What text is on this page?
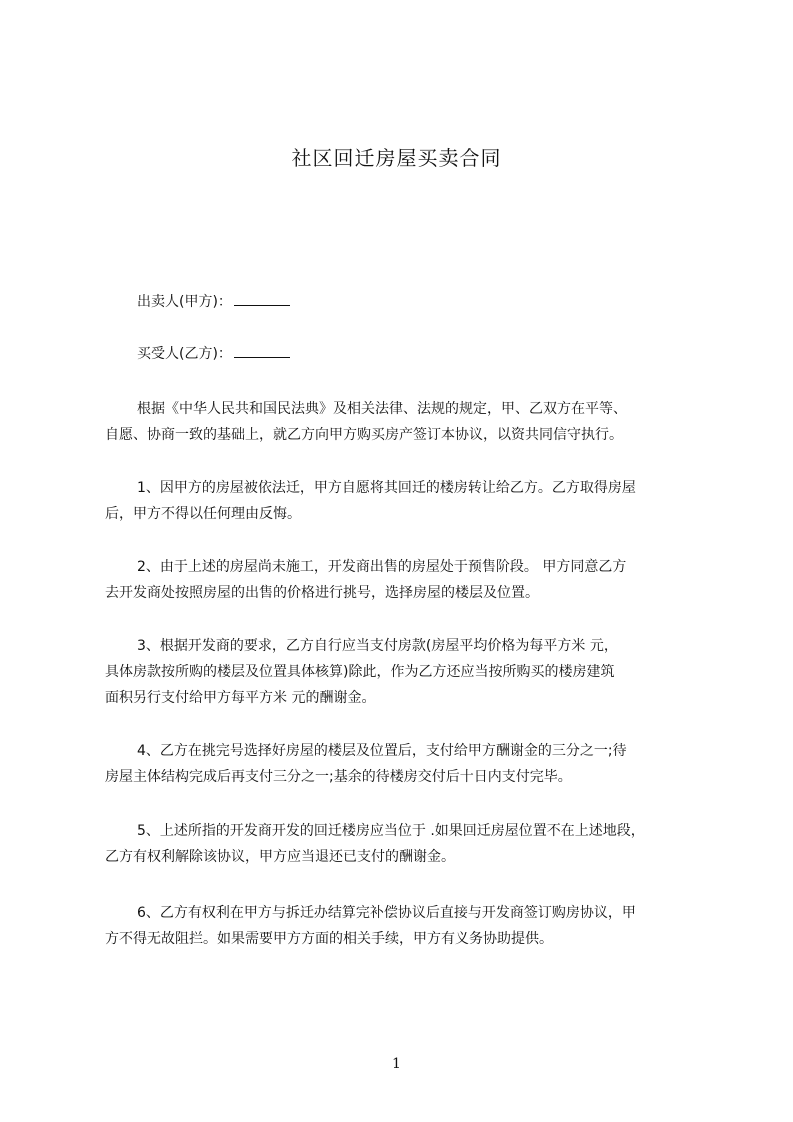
社区回迁房屋买卖合同
出卖人(甲方)：
买受人(乙方)：
根据《中华人民共和国民法典》及相关法律、法规的规定，甲、乙双方在平等、
自愿、协商一致的基础上，就乙方向甲方购买房产签订本协议，以资共同信守执行。
1、因甲方的房屋被依法迁，甲方自愿将其回迁的楼房转让给乙方。乙方取得房屋
后，甲方不得以任何理由反悔。
2、由于上述的房屋尚未施工，开发商出售的房屋处于预售阶段。 甲方同意乙方
去开发商处按照房屋的出售的价格进行挑号，选择房屋的楼层及位置。
3、根据开发商的要求，乙方自行应当支付房款(房屋平均价格为每平方米 元，
具体房款按所购的楼层及位置具体核算)除此，作为乙方还应当按所购买的楼房建筑
面积另行支付给甲方每平方米 元的酬谢金。
4、乙方在挑完号选择好房屋的楼层及位置后，支付给甲方酬谢金的三分之一;待
房屋主体结构完成后再支付三分之一;基余的待楼房交付后十日内支付完毕。
5、上述所指的开发商开发的回迁楼房应当位于 .如果回迁房屋位置不在上述地段，
乙方有权利解除该协议，甲方应当退还已支付的酬谢金。
6、乙方有权利在甲方与拆迁办结算完补偿协议后直接与开发商签订购房协议，甲
方不得无故阻拦。如果需要甲方方面的相关手续，甲方有义务协助提供。
1
